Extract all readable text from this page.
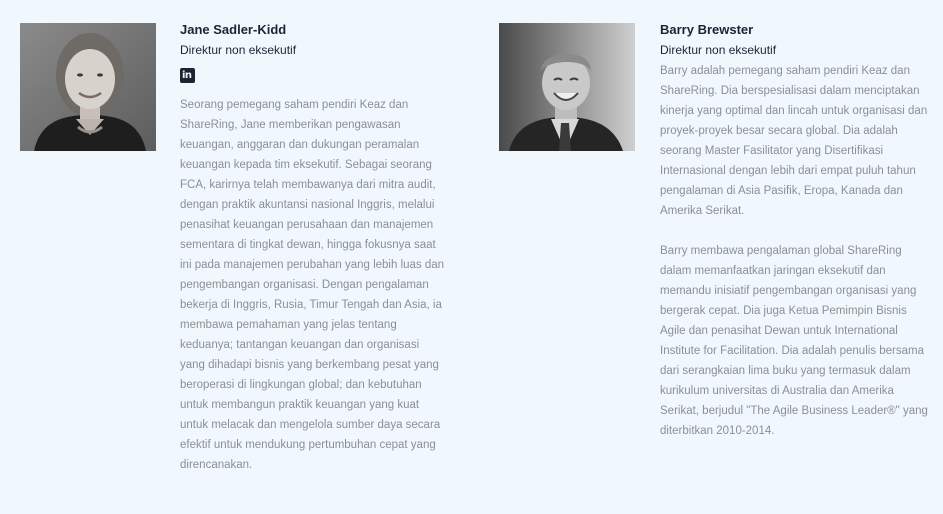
Jane Sadler-Kidd
Direktur non eksekutif
in

Seorang pemegang saham pendiri Keaz dan ShareRing, Jane memberikan pengawasan keuangan, anggaran dan dukungan peramalan keuangan kepada tim eksekutif. Sebagai seorang FCA, karirnya telah membawanya dari mitra audit, dengan praktik akuntansi nasional Inggris, melalui penasihat keuangan perusahaan dan manajemen sementara di tingkat dewan, hingga fokusnya saat ini pada manajemen perubahan yang lebih luas dan pengembangan organisasi. Dengan pengalaman bekerja di Inggris, Rusia, Timur Tengah dan Asia, ia membawa pemahaman yang jelas tentang keduanya; tantangan keuangan dan organisasi yang dihadapi bisnis yang berkembang pesat yang beroperasi di lingkungan global; dan kebutuhan untuk membangun praktik keuangan yang kuat untuk melacak dan mengelola sumber daya secara efektif untuk mendukung pertumbuhan cepat yang direncanakan.

Barry Brewster
Direktur non eksekutif

Barry adalah pemegang saham pendiri Keaz dan ShareRing. Dia berspesialisasi dalam menciptakan kinerja yang optimal dan lincah untuk organisasi dan proyek-proyek besar secara global. Dia adalah seorang Master Fasilitator yang Disertifikasi Internasional dengan lebih dari empat puluh tahun pengalaman di Asia Pasifik, Eropa, Kanada dan Amerika Serikat.

Barry membawa pengalaman global ShareRing dalam memanfaatkan jaringan eksekutif dan memandu inisiatif pengembangan organisasi yang bergerak cepat. Dia juga Ketua Pemimpin Bisnis Agile dan penasihat Dewan untuk International Institute for Facilitation. Dia adalah penulis bersama dari serangkaian lima buku yang termasuk dalam kurikulum universitas di Australia dan Amerika Serikat, berjudul "The Agile Business Leader®" yang diterbitkan 2010-2014.
